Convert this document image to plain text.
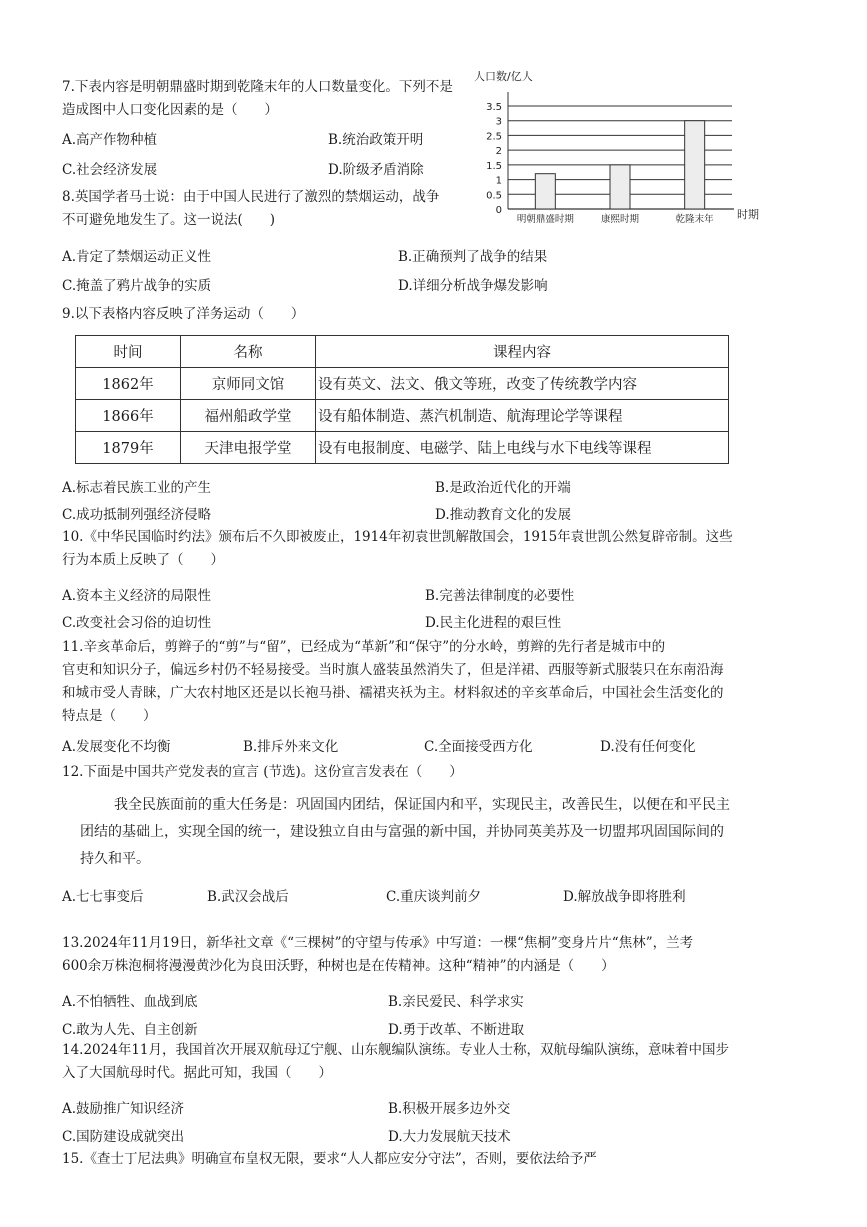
7.下表内容是明朝鼎盛时期到乾隆末年的人口数量变化。下列不是
造成图中人口变化因素的是（　　）
A.高产作物种植	B.统治政策开明
C.社会经济发展	D.阶级矛盾消除
人口数/亿人
时期
0
0.5
1
1.5
2
2.5
3
3.5
明朝鼎盛时期	康熙时期	乾隆末年
8.英国学者马士说：由于中国人民进行了激烈的禁烟运动，战争
不可避免地发生了。这一说法(　　)
A.肯定了禁烟运动正义性	B.正确预判了战争的结果
C.掩盖了鸦片战争的实质	D.详细分析战争爆发影响
9.以下表格内容反映了洋务运动（　　）
时间	名称	课程内容
1862年	京师同文馆	设有英文、法文、俄文等班，改变了传统教学内容
1866年	福州船政学堂	设有船体制造、蒸汽机制造、航海理论学等课程
1879年	天津电报学堂	设有电报制度、电磁学、陆上电线与水下电线等课程
A.标志着民族工业的产生	B.是政治近代化的开端
C.成功抵制列强经济侵略	D.推动教育文化的发展
10.《中华民国临时约法》颁布后不久即被废止，1914年初袁世凯解散国会，1915年袁世凯公然复辟帝制。这些
行为本质上反映了（　　）
A.资本主义经济的局限性	B.完善法律制度的必要性
C.改变社会习俗的迫切性	D.民主化进程的艰巨性
11.辛亥革命后，剪辫子的“剪”与“留”，已经成为“革新”和“保守”的分水岭，剪辫的先行者是城市中的
官吏和知识分子，偏远乡村仍不轻易接受。当时旗人盛装虽然消失了，但是洋裙、西服等新式服装只在东南沿海
和城市受人青睐，广大农村地区还是以长袍马褂、襦裙夹袄为主。材料叙述的辛亥革命后，中国社会生活变化的
特点是（　　）
A.发展变化不均衡	B.排斥外来文化	C.全面接受西方化	D.没有任何变化
12.下面是中国共产党发表的宣言 (节选)。这份宣言发表在（　　）
我全民族面前的重大任务是：巩固国内团结，保证国内和平，实现民主，改善民生，以便在和平民主
团结的基础上，实现全国的统一，建设独立自由与富强的新中国，并协同英美苏及一切盟邦巩固国际间的
持久和平。
A.七七事变后	B.武汉会战后	C.重庆谈判前夕	D.解放战争即将胜利
13.2024年11月19日，新华社文章《“三棵树”的守望与传承》中写道：一棵“焦桐”变身片片“焦林”，兰考
600余万株泡桐将漫漫黄沙化为良田沃野，种树也是在传精神。这种“精神”的内涵是（　　）
A.不怕牺牲、血战到底	B.亲民爱民、科学求实
C.敢为人先、自主创新	D.勇于改革、不断进取
14.2024年11月，我国首次开展双航母辽宁舰、山东舰编队演练。专业人士称，双航母编队演练，意味着中国步
入了大国航母时代。据此可知，我国（　　）
A.鼓励推广知识经济	B.积极开展多边外交
C.国防建设成就突出	D.大力发展航天技术
15.《查士丁尼法典》明确宣布皇权无限，要求“人人都应安分守法”，否则，要依法给予严
